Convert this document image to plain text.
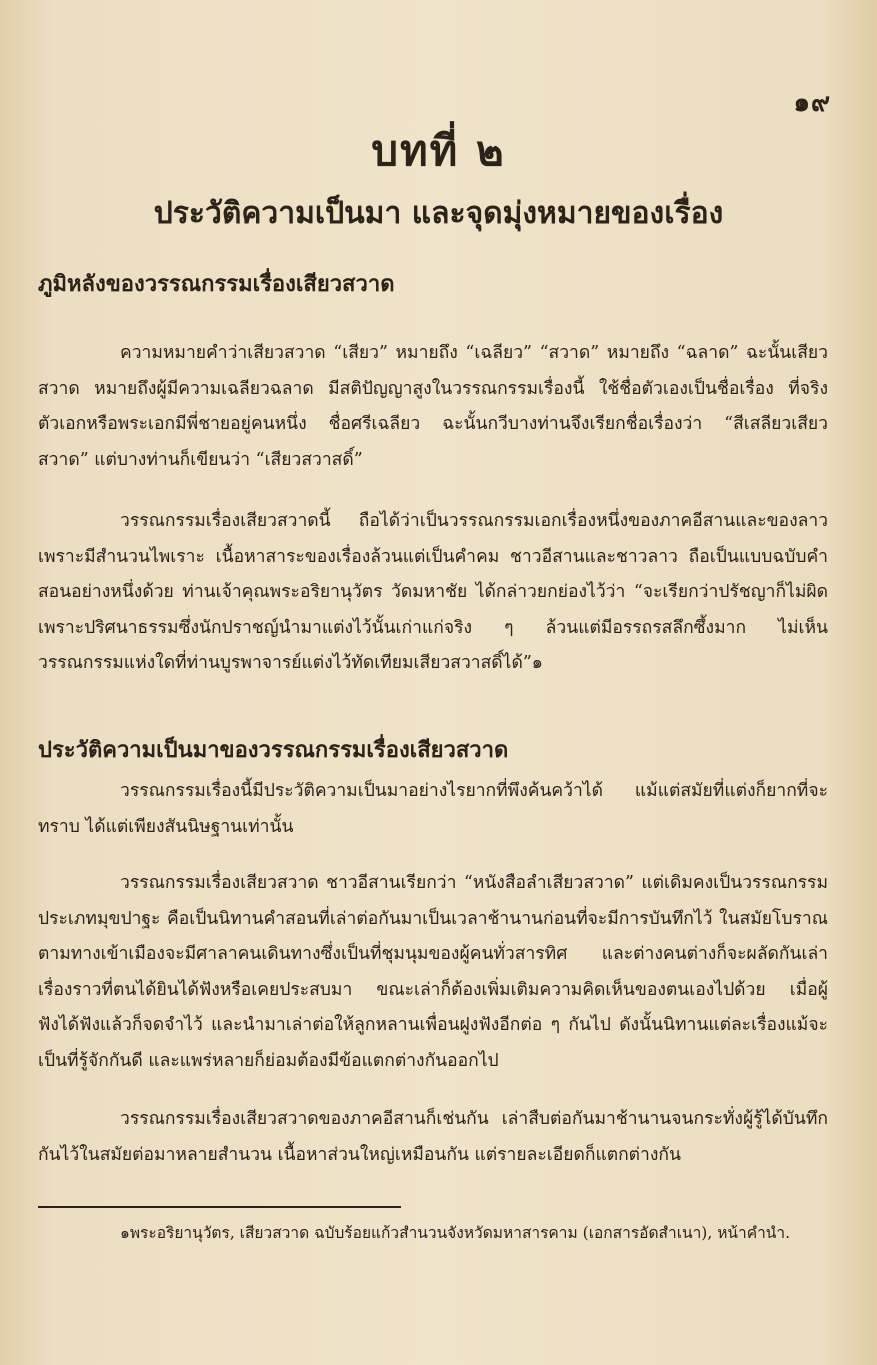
๑๙
บทที่ ๒
ประวัติความเป็นมา และจุดมุ่งหมายของเรื่อง
ภูมิหลังของวรรณกรรมเรื่องเสียวสวาด
ความหมายคำว่าเสียวสวาด “เสียว” หมายถึง “เฉลียว” “สวาด” หมายถึง “ฉลาด” ฉะนั้นเสียวสวาด หมายถึงผู้มีความเฉลียวฉลาด มีสติปัญญาสูงในวรรณกรรมเรื่องนี้ ใช้ชื่อตัวเองเป็นชื่อเรื่อง ที่จริงตัวเอกหรือพระเอกมีพี่ชายอยู่คนหนึ่ง ชื่อศรีเฉลียว ฉะนั้นกวีบางท่านจึงเรียกชื่อเรื่องว่า “สีเสลียวเสียวสวาด” แต่บางท่านก็เขียนว่า “เสียวสวาสดิ์”
วรรณกรรมเรื่องเสียวสวาดนี้ ถือได้ว่าเป็นวรรณกรรมเอกเรื่องหนึ่งของภาคอีสานและของลาว เพราะมีสำนวนไพเราะ เนื้อหาสาระของเรื่องล้วนแต่เป็นคำคม ชาวอีสานและชาวลาว ถือเป็นแบบฉบับคำสอนอย่างหนึ่งด้วย ท่านเจ้าคุณพระอริยานุวัตร วัดมหาชัย ได้กล่าวยกย่องไว้ว่า “จะเรียกว่าปรัชญาก็ไม่ผิด เพราะปริศนาธรรมซึ่งนักปราชญ์นำมาแต่งไว้นั้นเก่าแก่จริง ๆ ล้วนแต่มีอรรถรสลึกซึ้งมาก ไม่เห็นวรรณกรรมแห่งใดที่ท่านบูรพาจารย์แต่งไว้ทัดเทียมเสียวสวาสดิ์ได้”๑
ประวัติความเป็นมาของวรรณกรรมเรื่องเสียวสวาด
วรรณกรรมเรื่องนี้มีประวัติความเป็นมาอย่างไรยากที่พึงค้นคว้าได้ แม้แต่สมัยที่แต่งก็ยากที่จะทราบ ได้แต่เพียงสันนิษฐานเท่านั้น
วรรณกรรมเรื่องเสียวสวาด ชาวอีสานเรียกว่า “หนังสือลำเสียวสวาด” แต่เดิมคงเป็นวรรณกรรมประเภทมุขปาฐะ คือเป็นนิทานคำสอนที่เล่าต่อกันมาเป็นเวลาช้านานก่อนที่จะมีการบันทึกไว้ ในสมัยโบราณตามทางเข้าเมืองจะมีศาลาคนเดินทางซึ่งเป็นที่ชุมนุมของผู้คนทั่วสารทิศ และต่างคนต่างก็จะผลัดกันเล่าเรื่องราวที่ตนได้ยินได้ฟังหรือเคยประสบมา ขณะเล่าก็ต้องเพิ่มเติมความคิดเห็นของตนเองไปด้วย เมื่อผู้ฟังได้ฟังแล้วก็จดจำไว้ และนำมาเล่าต่อให้ลูกหลานเพื่อนฝูงฟังอีกต่อ ๆ กันไป ดังนั้นนิทานแต่ละเรื่องแม้จะเป็นที่รู้จักกันดี และแพร่หลายก็ย่อมต้องมีข้อแตกต่างกันออกไป
วรรณกรรมเรื่องเสียวสวาดของภาคอีสานก็เช่นกัน เล่าสืบต่อกันมาช้านานจนกระทั่งผู้รู้ได้บันทึกกันไว้ในสมัยต่อมาหลายสำนวน เนื้อหาส่วนใหญ่เหมือนกัน แต่รายละเอียดก็แตกต่างกัน
๑พระอริยานุวัตร, เสียวสวาด ฉบับร้อยแก้วสำนวนจังหวัดมหาสารคาม (เอกสารอัดสำเนา), หน้าคำนำ.
